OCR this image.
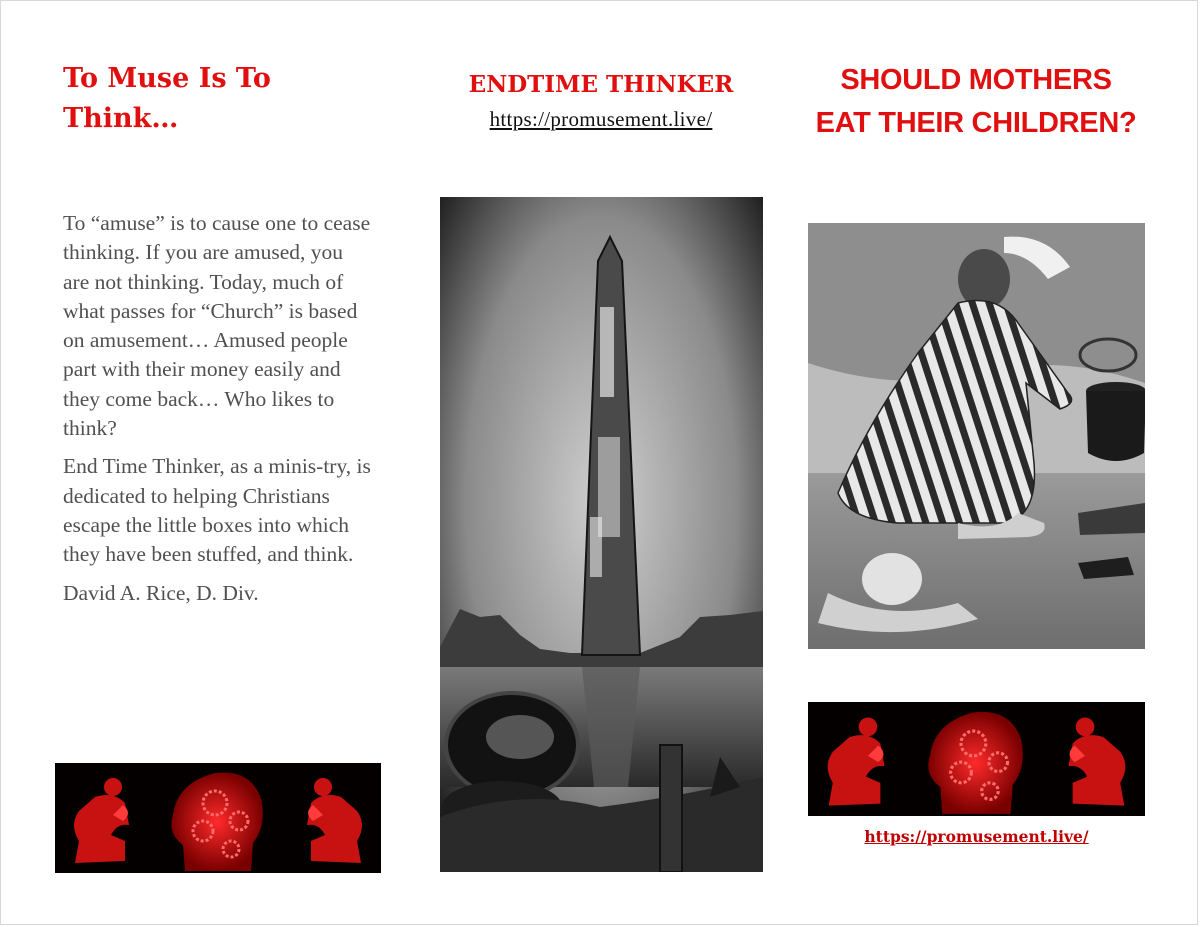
To Muse Is To Think…

To “amuse” is to cause one to cease thinking. If you are amused, you are not thinking. Today, much of what passes for “Church” is based on amusement… Amused people part with their money easily and they come back… Who likes to think?

End Time Thinker, as a minis-try, is dedicated to helping Christians escape the little boxes into which they have been stuffed, and think.

David A. Rice, D. Div.

ENDTIME THINKER
https://promusement.live/
SHOULD MOTHERS
EAT THEIR CHILDREN?
https://promusement.live/
